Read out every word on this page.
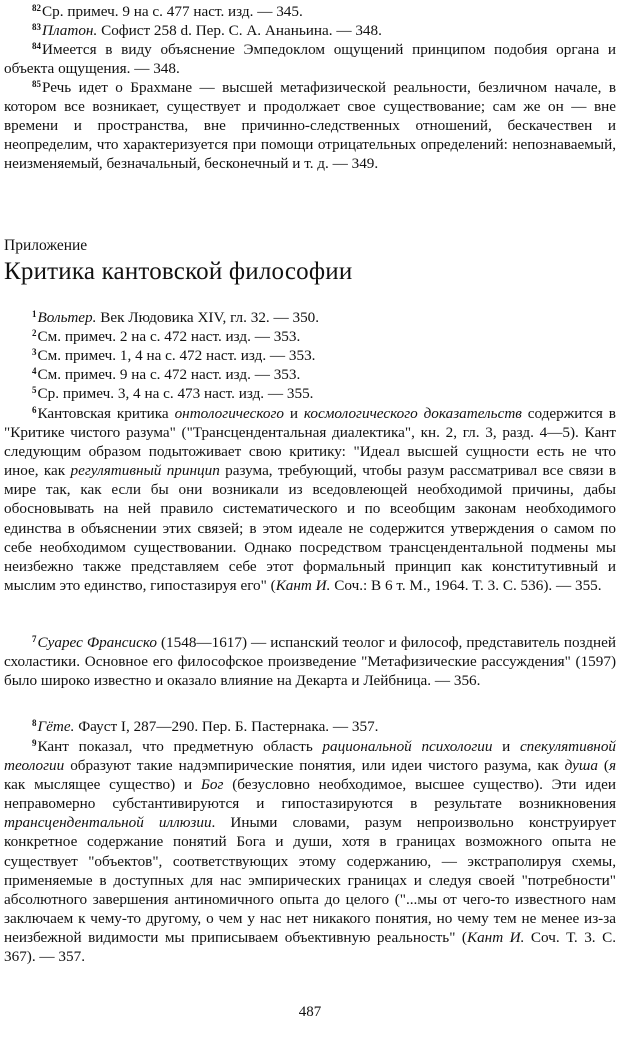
$^{82}$Ср. примеч. 9 на с. 477 наст. изд. — 345.

$^{83}$Платон. Софист 258 d. Пер. С. А. Ананьина. — 348.

$^{84}$Имеется в виду объяснение Эмпедоклом ощущений принципом подобия органа и объекта ощущения. — 348.

$^{85}$Речь идет о Брахмане — высшей метафизической реальности, безличном начале, в котором все возникает, существует и продолжает свое существование; сам же он — вне времени и пространства, вне причинно-следственных отношений, бескачествен и неопределим, что характеризуется при помощи отрицательных определений: непознаваемый, неизменяемый, безначальный, бесконечный и т. д. — 349.

Приложение

Критика кантовской философии

$^1$Вольтер. Век Людовика XIV, гл. 32. — 350.

$^2$См. примеч. 2 на с. 472 наст. изд. — 353.

$^3$См. примеч. 1, 4 на с. 472 наст. изд. — 353.

$^4$См. примеч. 9 на с. 472 наст. изд. — 353.

$^5$Ср. примеч. 3, 4 на с. 473 наст. изд. — 355.

$^6$Кантовская критика онтологического и космологического доказательств содержится в "Критике чистого разума" ("Трансцендентальная диалектика", кн. 2, гл. 3, разд. 4—5). Кант следующим образом подытоживает свою критику: "Идеал высшей сущности есть не что иное, как регулятивный принцип разума, требующий, чтобы разум рассматривал все связи в мире так, как если бы они возникали из вседовлеющей необходимой причины, дабы обосновывать на ней правило систематического и по всеобщим законам необходимого единства в объяснении этих связей; в этом идеале не содержится утверждения о самом по себе необходимом существовании. Однако посредством трансцендентальной подмены мы неизбежно также представляем себе этот формальный принцип как конститутивный и мыслим это единство, гипостазируя его" (Кант И. Соч.: В 6 т. М., 1964. Т. 3. С. 536). — 355.

$^7$Суарес Франсиско (1548—1617) — испанский теолог и философ, представитель поздней схоластики. Основное его философское произведение "Метафизические рассуждения" (1597) было широко известно и оказало влияние на Декарта и Лейбница. — 356.

$^8$Гёте. Фауст I, 287—290. Пер. Б. Пастернака. — 357.

$^9$Кант показал, что предметную область рациональной психологии и спекулятивной теологии образуют такие надэмпирические понятия, или идеи чистого разума, как душа (я как мыслящее существо) и Бог (безусловно необходимое, высшее существо). Эти идеи неправомерно субстантивируются и гипостазируются в результате возникновения трансцендентальной иллюзии. Иными словами, разум непроизвольно конструирует конкретное содержание понятий Бога и души, хотя в границах возможного опыта не существует "объектов", соответствующих этому содержанию, — экстраполируя схемы, применяемые в доступных для нас эмпирических границах и следуя своей "потребности" абсолютного завершения антиномичного опыта до целого ("...мы от чего-то известного нам заключаем к чему-то другому, о чем у нас нет никакого понятия, но чему тем не менее из-за неизбежной видимости мы приписываем объективную реальность" (Кант И. Соч. Т. 3. С. 367). — 357.

487
